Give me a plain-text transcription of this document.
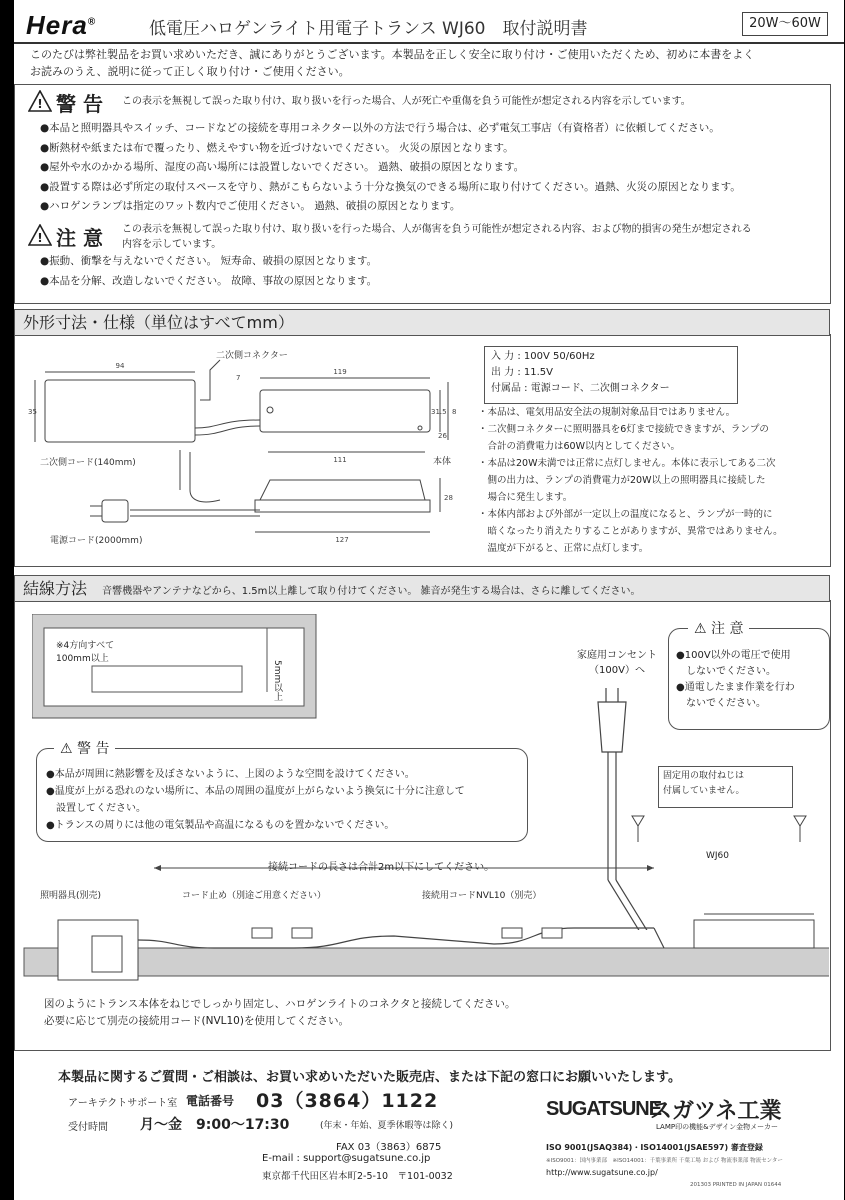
Hera®	低電圧ハロゲンライト用電子トランス WJ60　取付説明書	20W〜60W
このたびは弊社製品をお買い求めいただき、誠にありがとうございます。本製品を正しく安全に取り付け・ご使用いただくため、初めに本書をよく
お読みのうえ、説明に従って正しく取り付け・ご使用ください。
! 警 告 この表示を無視して誤った取り付け、取り扱いを行った場合、人が死亡や重傷を負う可能性が想定される内容を示しています。
●本品と照明器具やスイッチ、コードなどの接続を専用コネクター以外の方法で行う場合は、必ず電気工事店（有資格者）に依頼してください。
●断熱材や紙または布で覆ったり、燃えやすい物を近づけないでください。 火災の原因となります。
●屋外や水のかかる場所、湿度の高い場所には設置しないでください。 過熱、破損の原因となります。
●設置する際は必ず所定の取付スペースを守り、熱がこもらないよう十分な換気のできる場所に取り付けてください。過熱、火災の原因となります。
●ハロゲンランプは指定のワット数内でご使用ください。 過熱、破損の原因となります。
! 注 意 この表示を無視して誤った取り付け、取り扱いを行った場合、人が傷害を負う可能性が想定される内容、および物的損害の発生が想定される
内容を示しています。
●振動、衝撃を与えないでください。 短寿命、破損の原因となります。
●本品を分解、改造しないでください。 故障、事故の原因となります。
外形寸法・仕様（単位はすべてmm）
94
35
7
119
31.5 8
111
28
127
26
二次側コネクター
二次側コード(140mm)
電源コード(2000mm)
本体
入 力 : 100V 50/60Hz
出 力 : 11.5V
付属品 : 電源コード、二次側コネクター
・本品は、電気用品安全法の規制対象品目ではありません。
・二次側コネクターに照明器具を6灯まで接続できますが、ランプの
　合計の消費電力は60W以内としてください。
・本品は20W未満では正常に点灯しません。本体に表示してある二次
　側の出力は、ランプの消費電力が20W以上の照明器具に接続した
　場合に発生します。
・本体内部および外部が一定以上の温度になると、ランプが一時的に
　暗くなったり消えたりすることがありますが、異常ではありません。
　温度が下がると、正常に点灯します。
結線方法 音響機器やアンテナなどから、1.5m以上離して取り付けてください。 雑音が発生する場合は、さらに離してください。
※4方向すべて
100mm以上
5mm以上
家庭用コンセント
（100V）へ
⚠ 注 意
●100V以外の電圧で使用
　しないでください。
●通電したまま作業を行わ
　ないでください。
固定用の取付ねじは
付属していません。
⚠ 警 告
●本品が周囲に熱影響を及ぼさないように、上図のような空間を設けてください。
●温度が上がる恐れのない場所に、本品の周囲の温度が上がらないよう換気に十分に注意して
　設置してください。
●トランスの周りには他の電気製品や高温になるものを置かないでください。
接続コードの長さは合計2m以下にしてください。
照明器具(別売)	コード止め（別途ご用意ください）	接続用コードNVL10（別売）
WJ60
図のようにトランス本体をねじでしっかり固定し、ハロゲンライトのコネクタと接続してください。
必要に応じて別売の接続用コード(NVL10)を使用してください。
本製品に関するご質問・ご相談は、お買い求めいただいた販売店、または下記の窓口にお願いいたします。
アーキテクトサポート室 電話番号 03（3864）1122
受付時間 月〜金　9:00〜17:30	(年末・年始、夏季休暇等は除く)
FAX 03（3863）6875
E-mail : support@sugatsune.co.jp
東京都千代田区岩本町2-5-10　〒101-0032
SUGATSUNE
スガツネ工業
LAMP印の機能&デザイン金物メーカー
ISO 9001(JSAQ384)・ISO14001(JSAE597) 審査登録
※ISO9001：国内事業部　※ISO14001：千葉事業所 千葉工場 および 物流事業部 物流センター
http://www.sugatsune.co.jp/
201303 PRINTED IN JAPAN 01644
